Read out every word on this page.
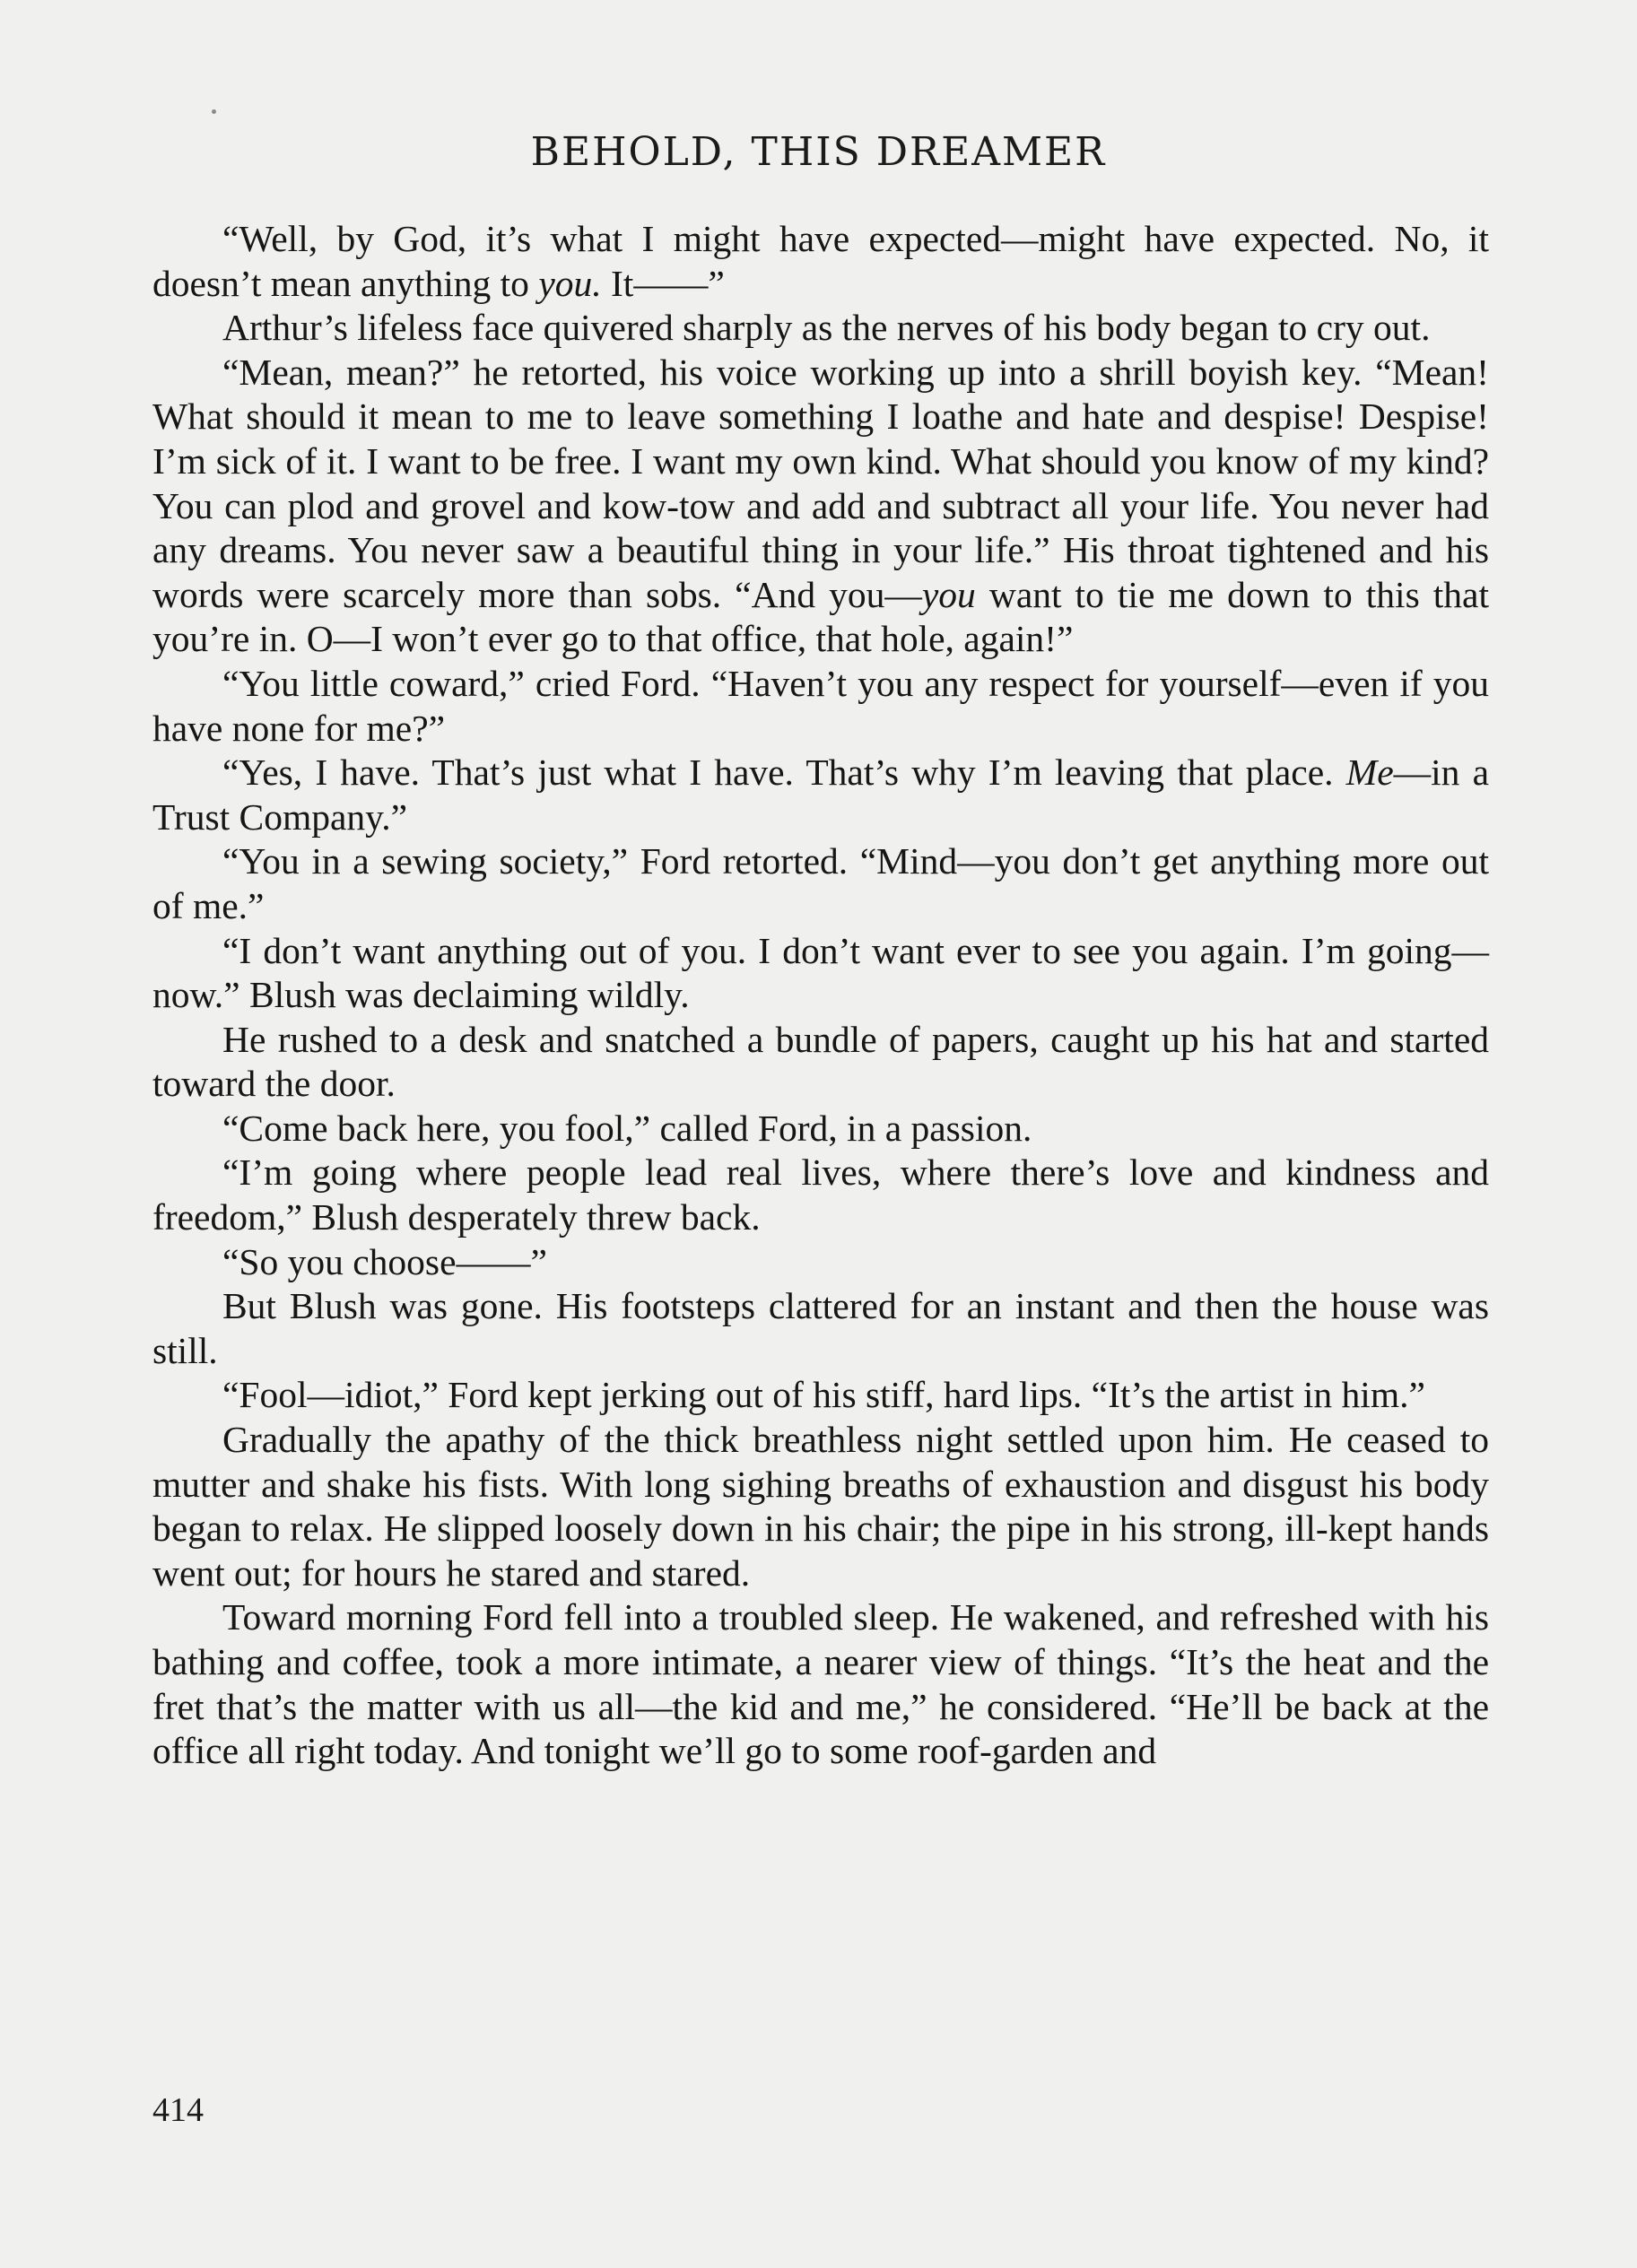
BEHOLD, THIS DREAMER

“Well, by God, it’s what I might have expected—might have expected. No, it doesn’t mean anything to you. It——”

Arthur’s lifeless face quivered sharply as the nerves of his body began to cry out.

“Mean, mean?” he retorted, his voice working up into a shrill boyish key. “Mean! What should it mean to me to leave something I loathe and hate and despise! Despise! I’m sick of it. I want to be free. I want my own kind. What should you know of my kind? You can plod and grovel and kow-tow and add and subtract all your life. You never had any dreams. You never saw a beautiful thing in your life.” His throat tightened and his words were scarcely more than sobs. “And you—you want to tie me down to this that you’re in. O—I won’t ever go to that office, that hole, again!”

“You little coward,” cried Ford. “Haven’t you any respect for yourself—even if you have none for me?”

“Yes, I have. That’s just what I have. That’s why I’m leaving that place. Me—in a Trust Company.”

“You in a sewing society,” Ford retorted. “Mind—you don’t get anything more out of me.”

“I don’t want anything out of you. I don’t want ever to see you again. I’m going—now.” Blush was declaiming wildly.

He rushed to a desk and snatched a bundle of papers, caught up his hat and started toward the door.

“Come back here, you fool,” called Ford, in a passion.

“I’m going where people lead real lives, where there’s love and kindness and freedom,” Blush desperately threw back.

“So you choose——”

But Blush was gone. His footsteps clattered for an instant and then the house was still.

“Fool—idiot,” Ford kept jerking out of his stiff, hard lips. “It’s the artist in him.”

Gradually the apathy of the thick breathless night settled upon him. He ceased to mutter and shake his fists. With long sighing breaths of exhaustion and disgust his body began to relax. He slipped loosely down in his chair; the pipe in his strong, ill-kept hands went out; for hours he stared and stared.

Toward morning Ford fell into a troubled sleep. He wakened, and refreshed with his bathing and coffee, took a more intimate, a nearer view of things. “It’s the heat and the fret that’s the matter with us all—the kid and me,” he considered. “He’ll be back at the office all right today. And tonight we’ll go to some roof-garden and

414
